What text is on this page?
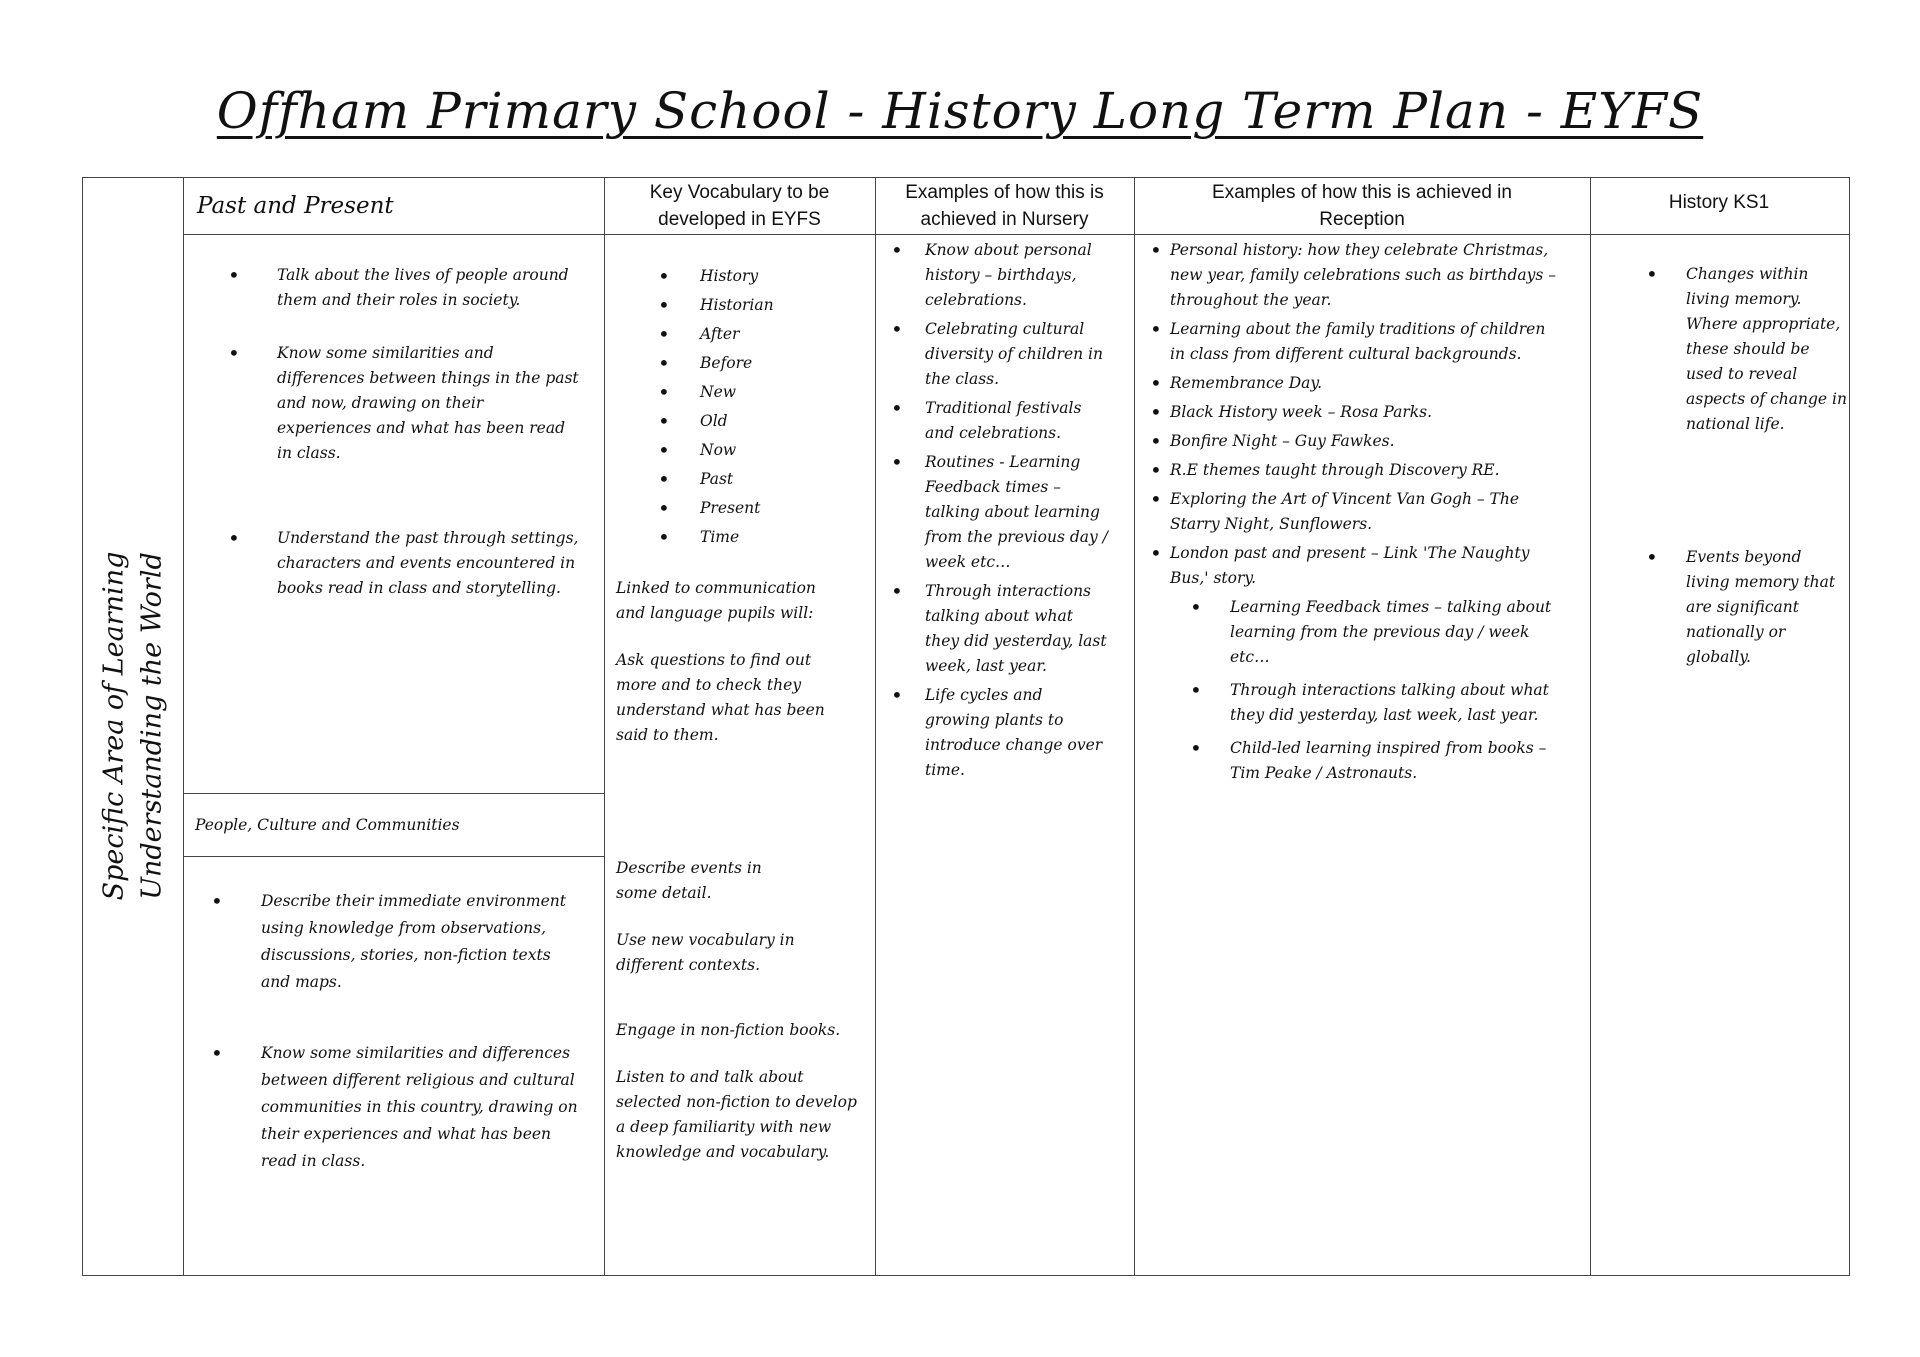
Offham Primary School - History Long Term Plan - EYFS
Specific Area of Learning Understanding the World
Past and Present	Key Vocabulary to be
developed in EYFS
Examples of how this is
achieved in Nursery
Examples of how this is achieved in
Reception
History KS1
• Talk about the lives of people around them and their roles in society.
• Know some similarities and differences between things in the past and now, drawing on their experiences and what has been read in class.
• Understand the past through settings, characters and events encountered in books read in class and storytelling.
People, Culture and Communities
• Describe their immediate environment using knowledge from observations, discussions, stories, non-fiction texts and maps.
• Know some similarities and differences between different religious and cultural communities in this country, drawing on their experiences and what has been read in class.
• History
• Historian
• After
• Before
• New
• Old
• Now
• Past
• Present
• Time

Linked to communication and language pupils will:

Ask questions to find out more and to check they understand what has been said to them.

Describe events in some detail.

Use new vocabulary in different contexts.

Engage in non-fiction books.

Listen to and talk about selected non-fiction to develop a deep familiarity with new knowledge and vocabulary.

• Know about personal history – birthdays, celebrations.
• Celebrating cultural diversity of children in the class.
• Traditional festivals and celebrations.
• Routines - Learning Feedback times – talking about learning from the previous day / week etc…
• Through interactions talking about what they did yesterday, last week, last year.
• Life cycles and growing plants to introduce change over time.
• Personal history: how they celebrate Christmas, new year, family celebrations such as birthdays – throughout the year.
• Learning about the family traditions of children in class from different cultural backgrounds.
• Remembrance Day.
• Black History week – Rosa Parks.
• Bonfire Night – Guy Fawkes.
• R.E themes taught through Discovery RE.
• Exploring the Art of Vincent Van Gogh – The Starry Night, Sunflowers.
• London past and present – Link 'The Naughty Bus,' story.
• Learning Feedback times – talking about learning from the previous day / week etc…
• Through interactions talking about what they did yesterday, last week, last year.
• Child-led learning inspired from books – Tim Peake / Astronauts.
• Changes within living memory. Where appropriate, these should be used to reveal aspects of change in national life.
• Events beyond living memory that are significant nationally or globally.
